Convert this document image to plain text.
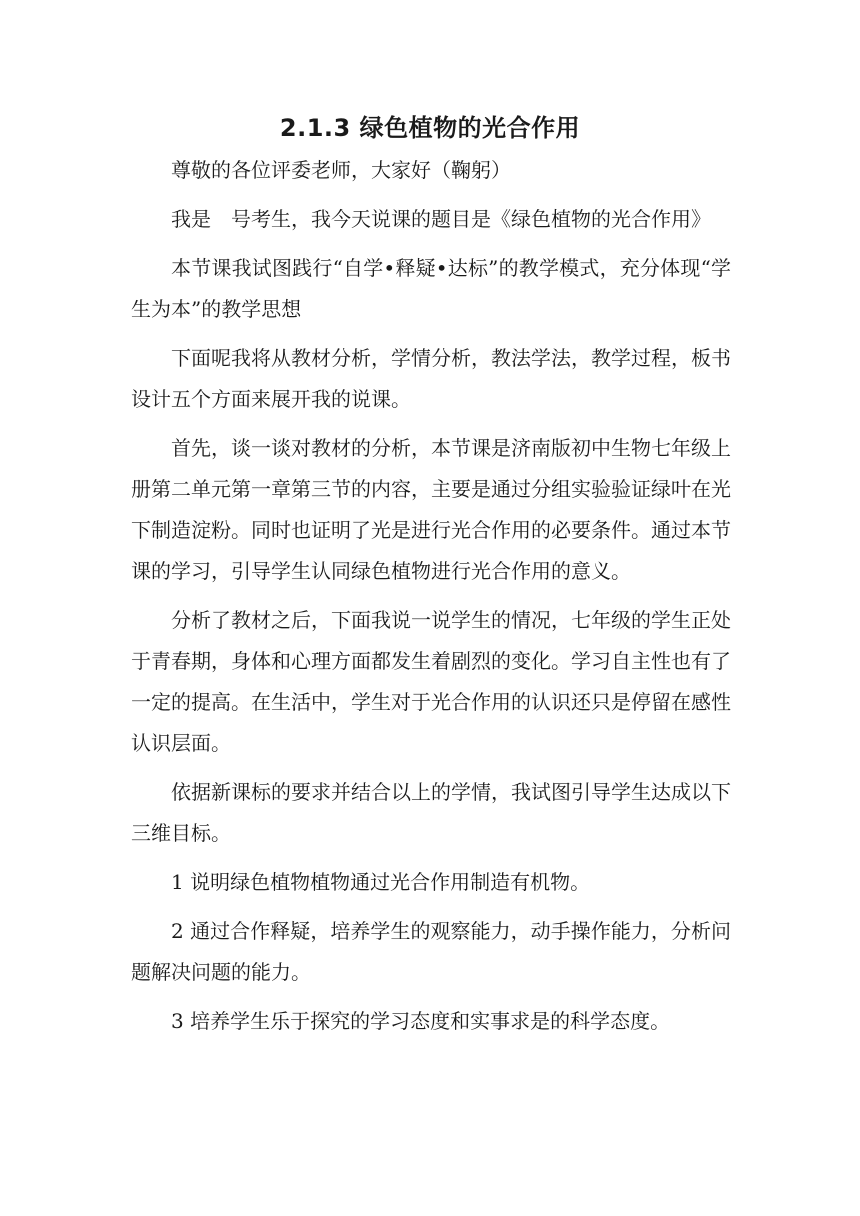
2.1.3 绿色植物的光合作用

尊敬的各位评委老师，大家好（鞠躬）

我是　号考生，我今天说课的题目是《绿色植物的光合作用》

本节课我试图践行“自学•释疑•达标”的教学模式，充分体现“学生为本”的教学思想

下面呢我将从教材分析，学情分析，教法学法，教学过程，板书设计五个方面来展开我的说课。

首先，谈一谈对教材的分析，本节课是济南版初中生物七年级上册第二单元第一章第三节的内容，主要是通过分组实验验证绿叶在光下制造淀粉。同时也证明了光是进行光合作用的必要条件。通过本节课的学习，引导学生认同绿色植物进行光合作用的意义。

分析了教材之后，下面我说一说学生的情况，七年级的学生正处于青春期，身体和心理方面都发生着剧烈的变化。学习自主性也有了一定的提高。在生活中，学生对于光合作用的认识还只是停留在感性认识层面。

依据新课标的要求并结合以上的学情，我试图引导学生达成以下三维目标。

1 说明绿色植物植物通过光合作用制造有机物。

2 通过合作释疑，培养学生的观察能力，动手操作能力，分析问题解决问题的能力。

3 培养学生乐于探究的学习态度和实事求是的科学态度。
